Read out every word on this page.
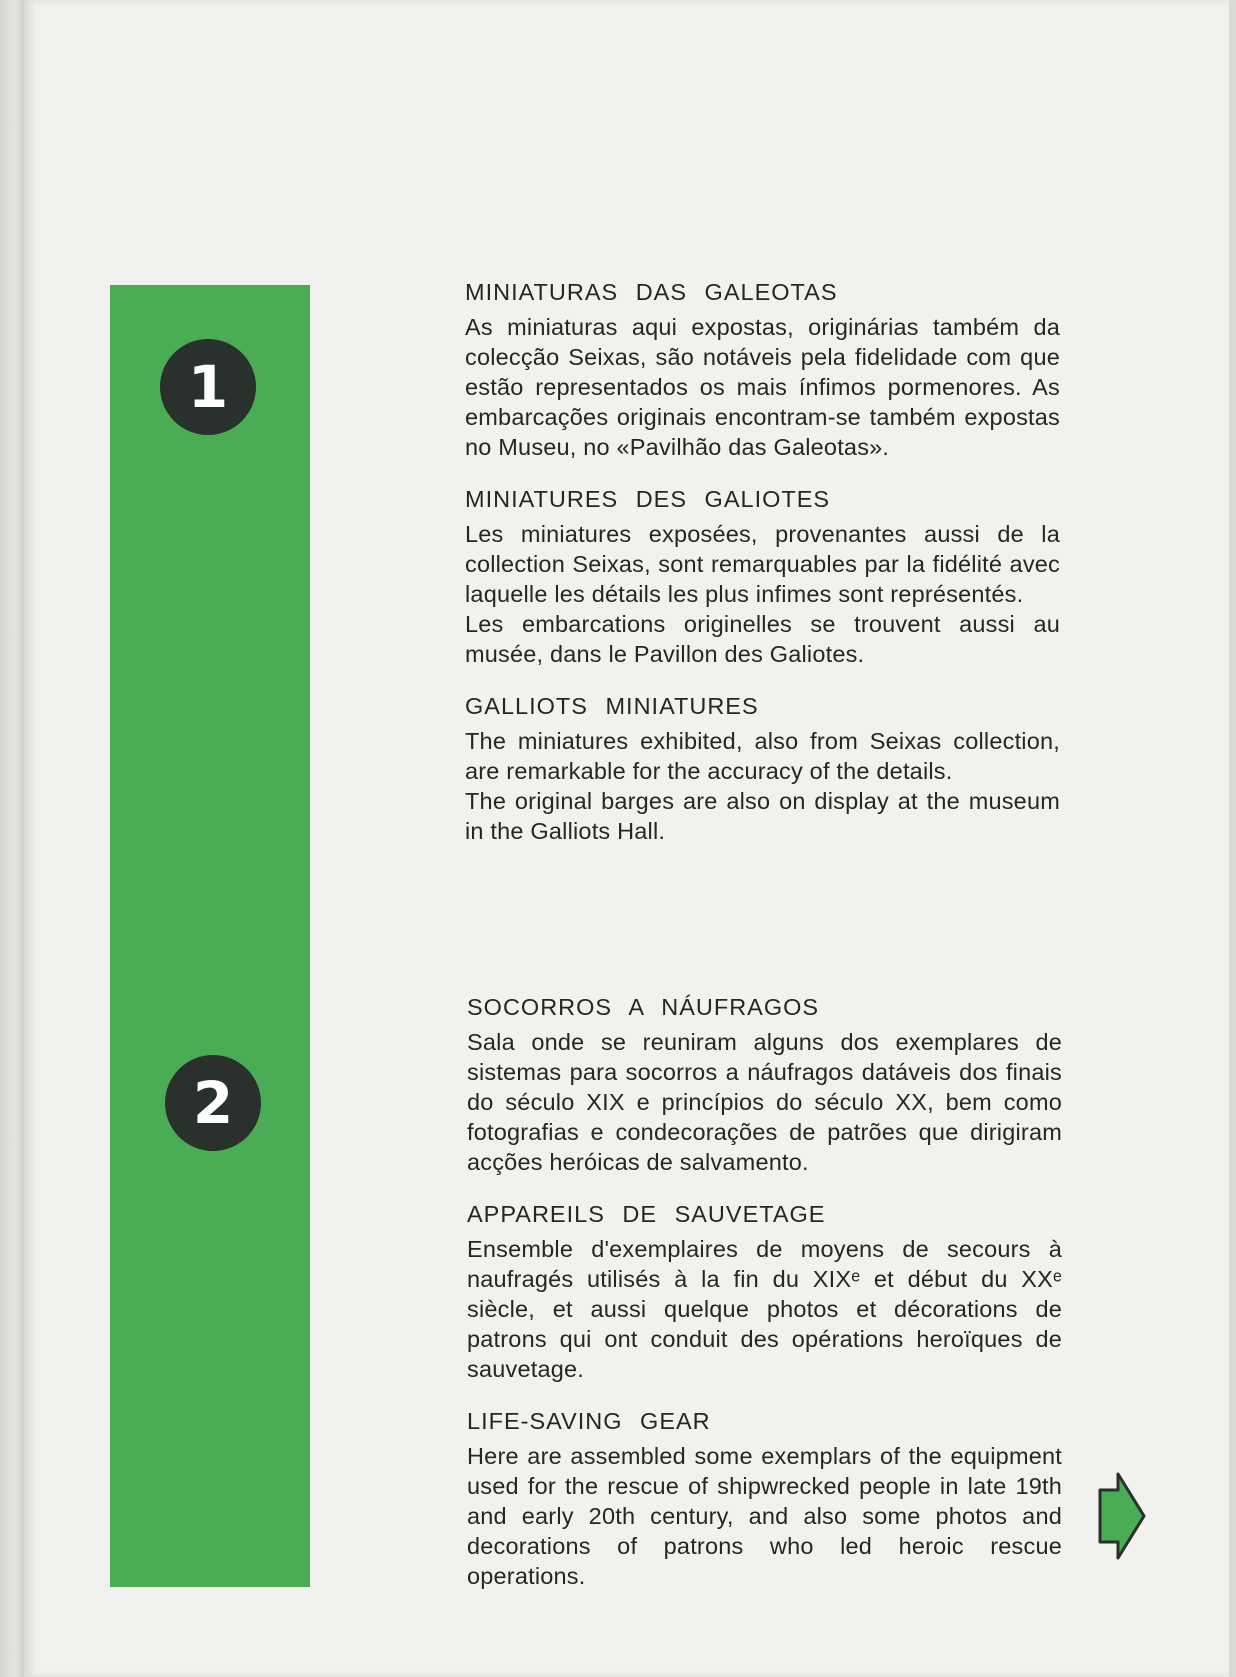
1
2
MINIATURAS DAS GALEOTAS
As miniaturas aqui expostas, originárias também da colecção Seixas, são notáveis pela fidelidade com que estão representados os mais ínfimos pormenores. As embarcações originais encontram-se também expostas no Museu, no «Pavilhão das Galeotas».
MINIATURES DES GALIOTES
Les miniatures exposées, provenantes aussi de la collection Seixas, sont remarquables par la fidélité avec laquelle les détails les plus infimes sont représentés.
Les embarcations originelles se trouvent aussi au musée, dans le Pavillon des Galiotes.
GALLIOTS MINIATURES
The miniatures exhibited, also from Seixas collection, are remarkable for the accuracy of the details.
The original barges are also on display at the museum in the Galliots Hall.
SOCORROS A NÁUFRAGOS
Sala onde se reuniram alguns dos exemplares de sistemas para socorros a náufragos datáveis dos finais do século XIX e princípios do século XX, bem como fotografias e condecorações de patrões que dirigiram acções heróicas de salvamento.
APPAREILS DE SAUVETAGE
Ensemble d'exemplaires de moyens de secours à naufragés utilisés à la fin du XIXᵉ et début du XXᵉ siècle, et aussi quelque photos et décorations de patrons qui ont conduit des opérations heroïques de sauvetage.
LIFE-SAVING GEAR
Here are assembled some exemplars of the equipment used for the rescue of shipwrecked people in late 19th and early 20th century, and also some photos and decorations of patrons who led heroic rescue operations.
